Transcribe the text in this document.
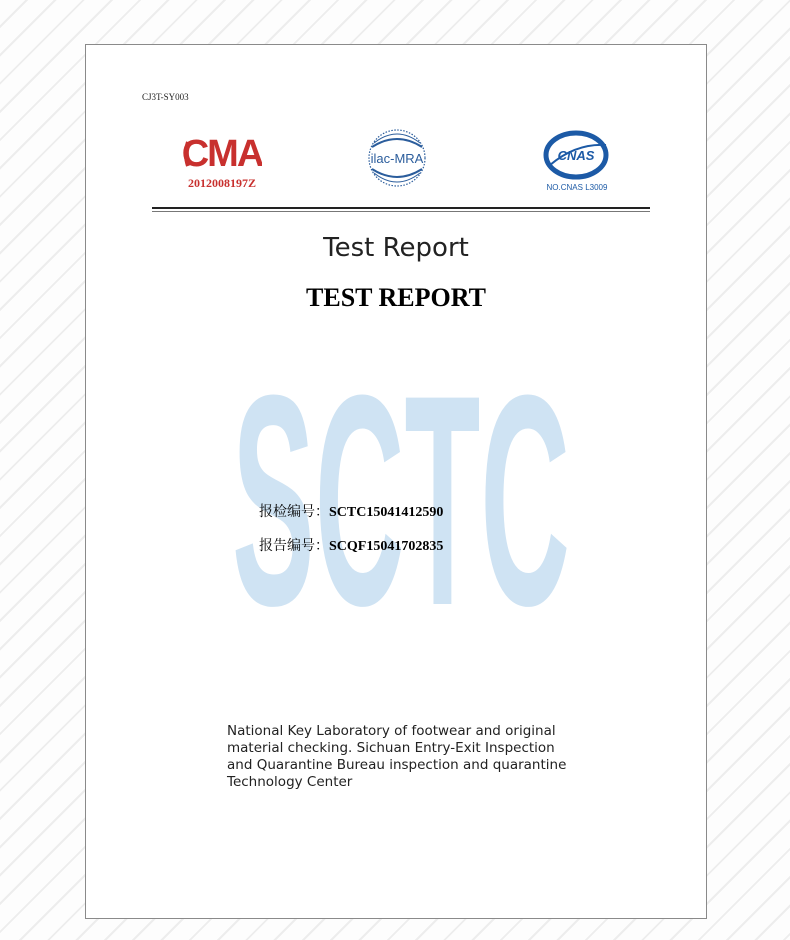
CJ3T-SY003
CMA
2012008197Z
ilac-MRA	CNAS
NO.CNAS L3009
Test Report
TEST REPORT
SCTC
报检编号：SCTC15041412590
报告编号：SCQF15041702835
National Key Laboratory of footwear and original
material checking. Sichuan Entry-Exit Inspection
and Quarantine Bureau inspection and quarantine
Technology Center
